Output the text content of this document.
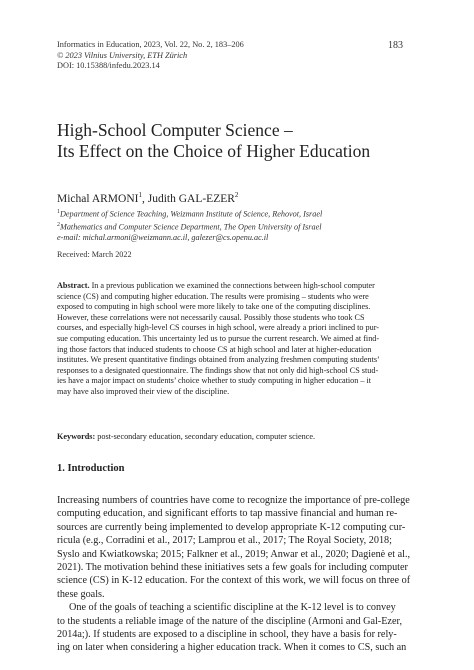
Informatics in Education, 2023, Vol. 22, No. 2, 183–206
© 2023 Vilnius University, ETH Zürich
DOI: 10.15388/infedu.2023.14
183
High-School Computer Science –
Its Effect on the Choice of Higher Education
Michal ARMONI$^1$, Judith GAL-EZER$^2$
$^1$Department of Science Teaching, Weizmann Institute of Science, Rehovot, Israel
$^2$Mathematics and Computer Science Department, The Open University of Israel
e-mail: michal.armoni@weizmann.ac.il, galezer@cs.openu.ac.il
Received: March 2022
Abstract. In a previous publication we examined the connections between high-school computer
science (CS) and computing higher education. The results were promising – students who were
exposed to computing in high school were more likely to take one of the computing disciplines.
However, these correlations were not necessarily causal. Possibly those students who took CS
courses, and especially high-level CS courses in high school, were already a priori inclined to pur-
sue computing education. This uncertainty led us to pursue the current research. We aimed at find-
ing those factors that induced students to choose CS at high school and later at higher-education
institutes. We present quantitative findings obtained from analyzing freshmen computing students’
responses to a designated questionnaire. The findings show that not only did high-school CS stud-
ies have a major impact on students’ choice whether to study computing in higher education – it
may have also improved their view of the discipline.
Keywords: post-secondary education, secondary education, computer science.
1. Introduction
Increasing numbers of countries have come to recognize the importance of pre-college
computing education, and significant efforts to tap massive financial and human re-
sources are currently being implemented to develop appropriate K-12 computing cur-
ricula (e.g., Corradini et al., 2017; Lamprou et al., 2017; The Royal Society, 2018;
Syslo and Kwiatkowska; 2015; Falkner et al., 2019; Anwar et al., 2020; Dagienė et al.,
2021). The motivation behind these initiatives sets a few goals for including computer
science (CS) in K-12 education. For the context of this work, we will focus on three of
these goals.
One of the goals of teaching a scientific discipline at the K-12 level is to convey
to the students a reliable image of the nature of the discipline (Armoni and Gal-Ezer,
2014a;). If students are exposed to a discipline in school, they have a basis for rely-
ing on later when considering a higher education track. When it comes to CS, such an
